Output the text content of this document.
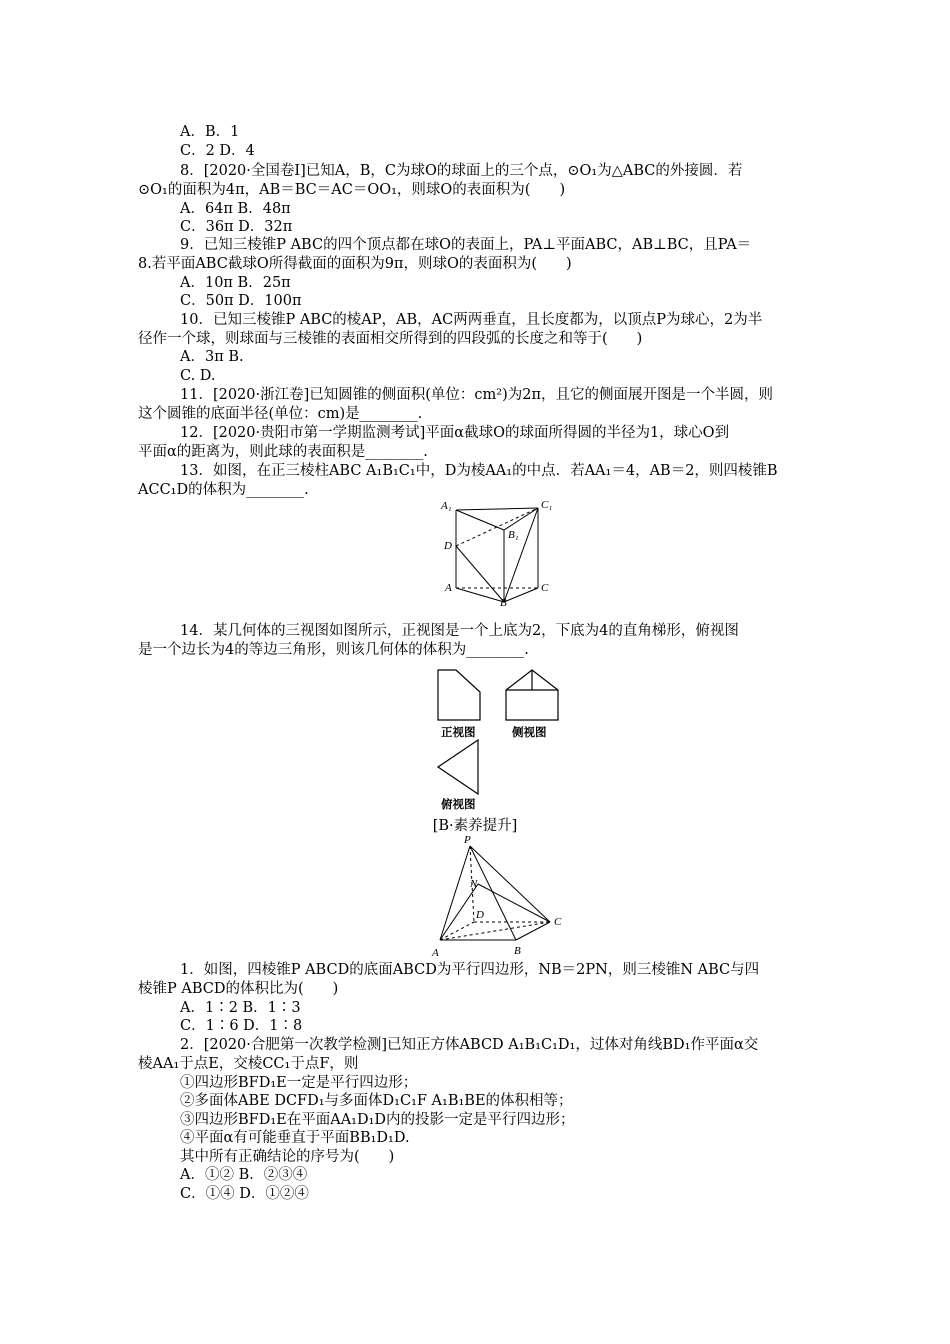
A．B．1
C．2 D．4
8．[2020·全国卷Ⅰ]已知A，B，C为球O的球面上的三个点，⊙O₁为△ABC的外接圆．若
⊙O₁的面积为4π，AB＝BC＝AC＝OO₁，则球O的表面积为(　　)
A．64π B．48π
C．36π D．32π
9．已知三棱锥P ABC的四个顶点都在球O的表面上，PA⊥平面ABC，AB⊥BC，且PA＝
8.若平面ABC截球O所得截面的面积为9π，则球O的表面积为(　　)
A．10π B．25π
C．50π D．100π
10．已知三棱锥P ABC的棱AP，AB，AC两两垂直，且长度都为，以顶点P为球心，2为半
径作一个球，则球面与三棱锥的表面相交所得到的四段弧的长度之和等于(　　)
A．3π B.
C. D.
11．[2020·浙江卷]已知圆锥的侧面积(单位：cm²)为2π，且它的侧面展开图是一个半圆，则
这个圆锥的底面半径(单位：cm)是________.
12．[2020·贵阳市第一学期监测考试]平面α截球O的球面所得圆的半径为1，球心O到
平面α的距离为，则此球的表面积是________.
13．如图，在正三棱柱ABC A₁B₁C₁中，D为棱AA₁的中点．若AA₁＝4，AB＝2，则四棱锥B
ACC₁D的体积为________.
A₁	C₁
B₁
D
A	C
B
14．某几何体的三视图如图所示，正视图是一个上底为2，下底为4的直角梯形，俯视图
是一个边长为4的等边三角形，则该几何体的体积为________.
正视图	侧视图
俯视图
[B·素养提升]
P
N
D
C
A	B
1．如图，四棱锥P ABCD的底面ABCD为平行四边形，NB＝2PN，则三棱锥N ABC与四
棱锥P ABCD的体积比为(　　)
A．1∶2 B．1∶3
C．1∶6 D．1∶8
2．[2020·合肥第一次教学检测]已知正方体ABCD A₁B₁C₁D₁，过体对角线BD₁作平面α交
棱AA₁于点E，交棱CC₁于点F，则
①四边形BFD₁E一定是平行四边形；
②多面体ABE DCFD₁与多面体D₁C₁F A₁B₁BE的体积相等；
③四边形BFD₁E在平面AA₁D₁D内的投影一定是平行四边形；
④平面α有可能垂直于平面BB₁D₁D.
其中所有正确结论的序号为(　　)
A．①② B．②③④
C．①④ D．①②④
